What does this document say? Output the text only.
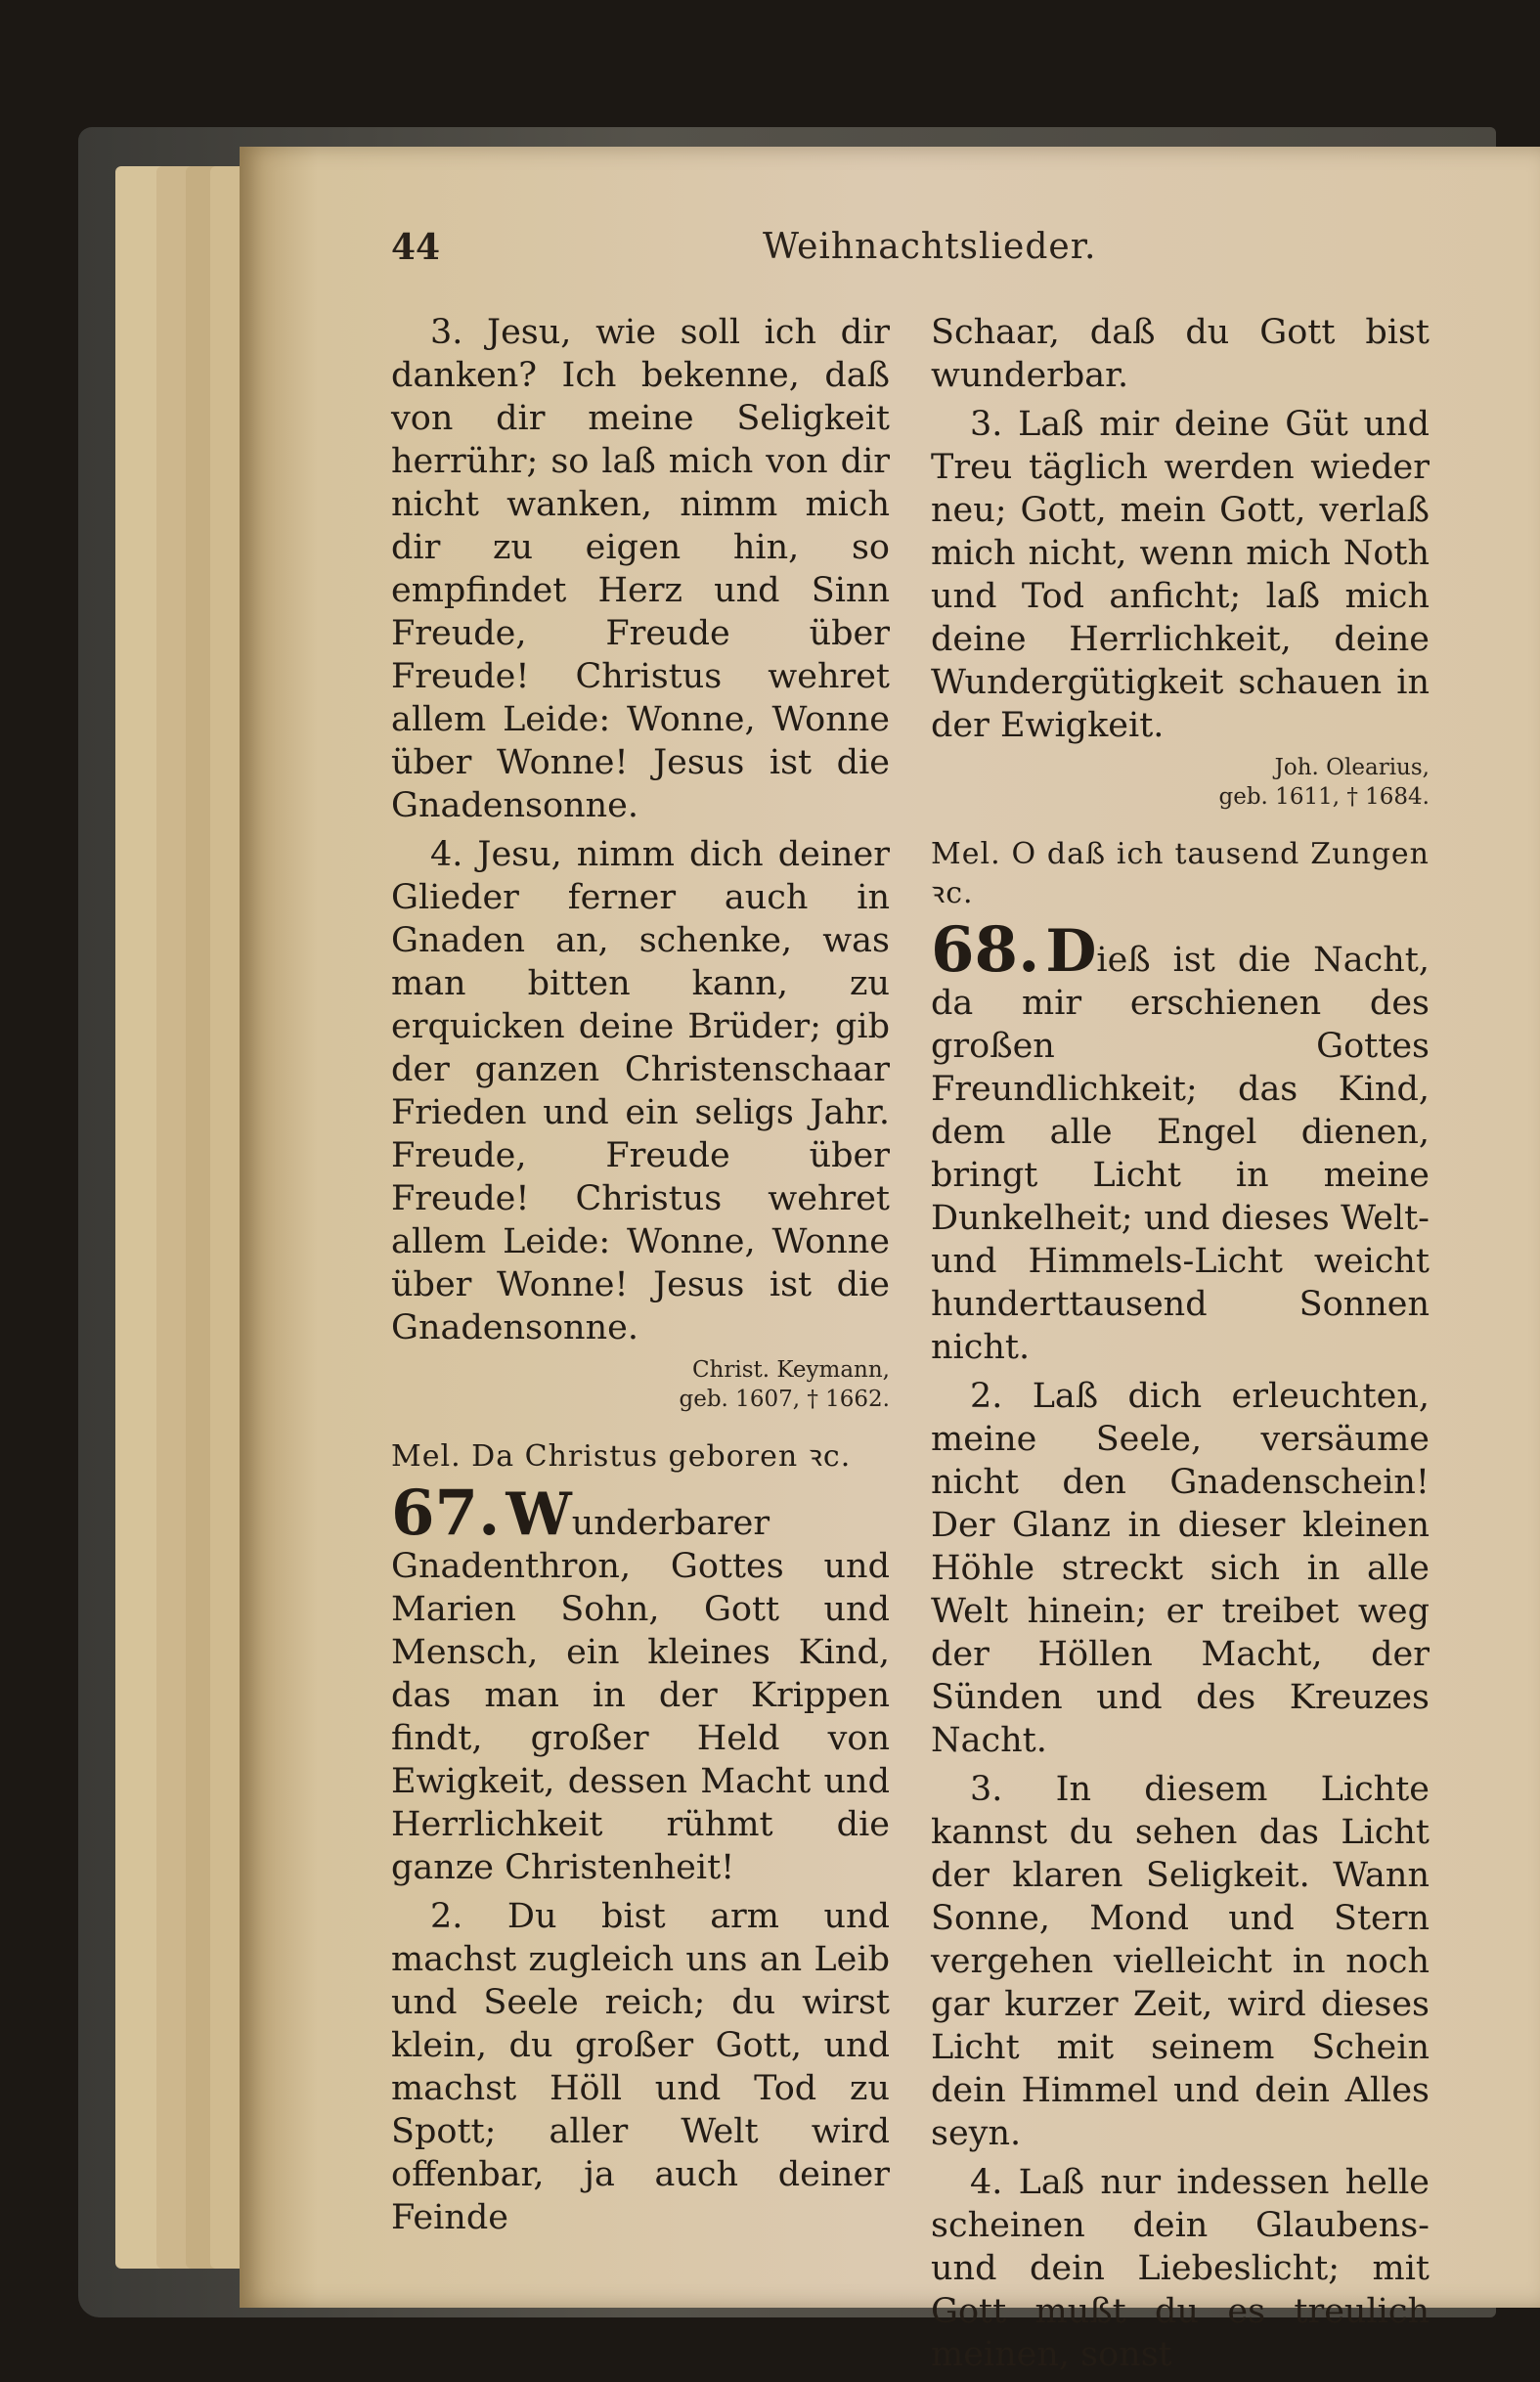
44	Weihnachtslieder.

3. Jesu, wie soll ich dir danken? Ich bekenne, daß von dir meine Seligkeit herrühr; so laß mich von dir nicht wanken, nimm mich dir zu eigen hin, so empfindet Herz und Sinn Freude, Freude über Freude! Christus wehret allem Leide: Wonne, Wonne über Wonne! Jesus ist die Gnadensonne.

4. Jesu, nimm dich deiner Glieder ferner auch in Gnaden an, schenke, was man bitten kann, zu erquicken deine Brüder; gib der ganzen Christenschaar Frieden und ein seligs Jahr. Freude, Freude über Freude! Christus wehret allem Leide: Wonne, Wonne über Wonne! Jesus ist die Gnadensonne.

Christ. Keymann,
geb. 1607, † 1662.
Mel. Da Christus geboren ꝛc.

67. Wunderbarer Gnadenthron, Gottes und Marien Sohn, Gott und Mensch, ein kleines Kind, das man in der Krippen findt, großer Held von Ewigkeit, dessen Macht und Herrlichkeit rühmt die ganze Christenheit!

2. Du bist arm und machst zugleich uns an Leib und Seele reich; du wirst klein, du großer Gott, und machst Höll und Tod zu Spott; aller Welt wird offenbar, ja auch deiner Feinde

Schaar, daß du Gott bist wunderbar.

3. Laß mir deine Güt und Treu täglich werden wieder neu; Gott, mein Gott, verlaß mich nicht, wenn mich Noth und Tod anficht; laß mich deine Herrlichkeit, deine Wundergütigkeit schauen in der Ewigkeit.

Joh. Olearius,
geb. 1611, † 1684.
Mel. O daß ich tausend Zungen ꝛc.

68. Dieß ist die Nacht, da mir erschienen des großen Gottes Freundlichkeit; das Kind, dem alle Engel dienen, bringt Licht in meine Dunkelheit; und dieses Welt- und Himmels-Licht weicht hunderttausend Sonnen nicht.

2. Laß dich erleuchten, meine Seele, versäume nicht den Gnadenschein! Der Glanz in dieser kleinen Höhle streckt sich in alle Welt hinein; er treibet weg der Höllen Macht, der Sünden und des Kreuzes Nacht.

3. In diesem Lichte kannst du sehen das Licht der klaren Seligkeit. Wann Sonne, Mond und Stern vergehen vielleicht in noch gar kurzer Zeit, wird dieses Licht mit seinem Schein dein Himmel und dein Alles seyn.

4. Laß nur indessen helle scheinen dein Glaubens- und dein Liebeslicht; mit Gott mußt du es treulich meinen, sonst
